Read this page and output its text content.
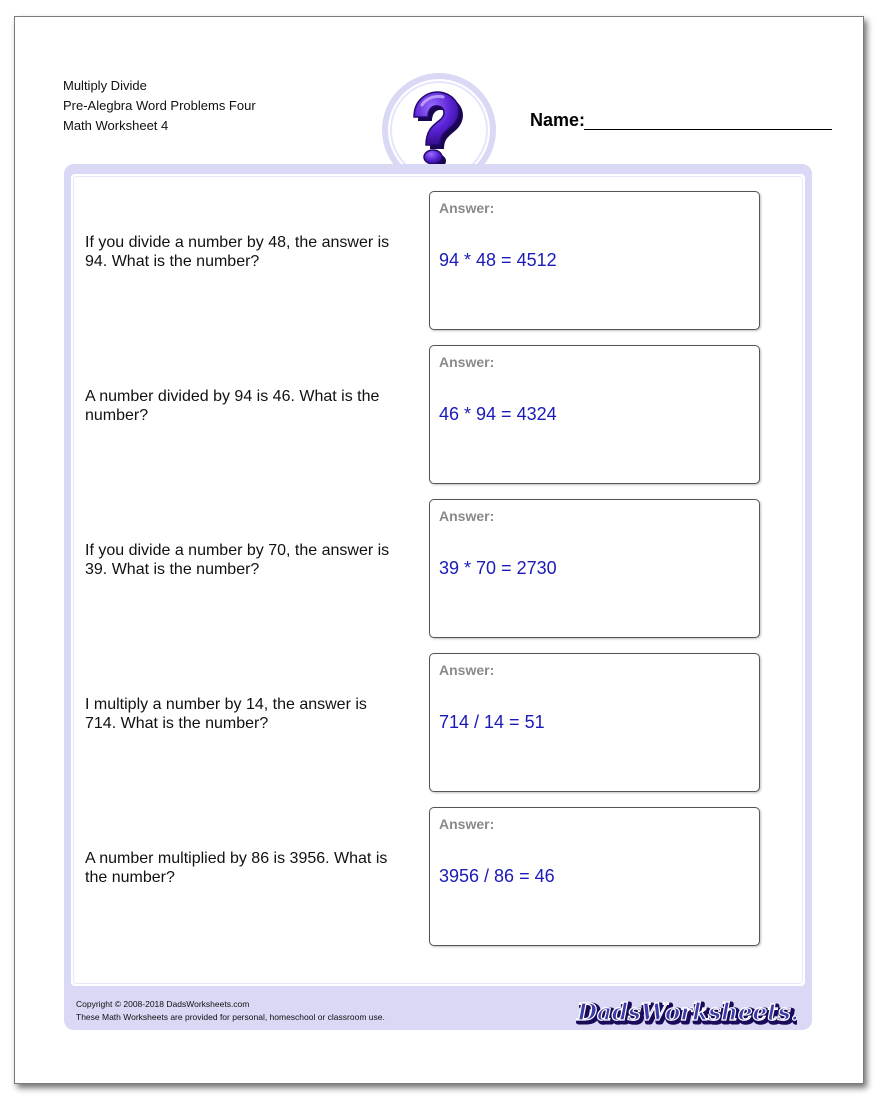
Multiply Divide
Pre-Alegbra Word Problems Four
Math Worksheet 4	Name:
If you divide a number by 48, the answer is 94. What is the number?
Answer:
94 * 48 = 4512
A number divided by 94 is 46. What is the number?
Answer:
46 * 94 = 4324
If you divide a number by 70, the answer is 39. What is the number?
Answer:
39 * 70 = 2730
I multiply a number by 14, the answer is 714. What is the number?
Answer:
714 / 14 = 51
A number multiplied by 86 is 3956. What is the number?
Answer:
3956 / 86 = 46
Copyright © 2008-2018 DadsWorksheets.com
These Math Worksheets are provided for personal, homeschool or classroom use.	DadsWorksheets
DadsWorksheets.
